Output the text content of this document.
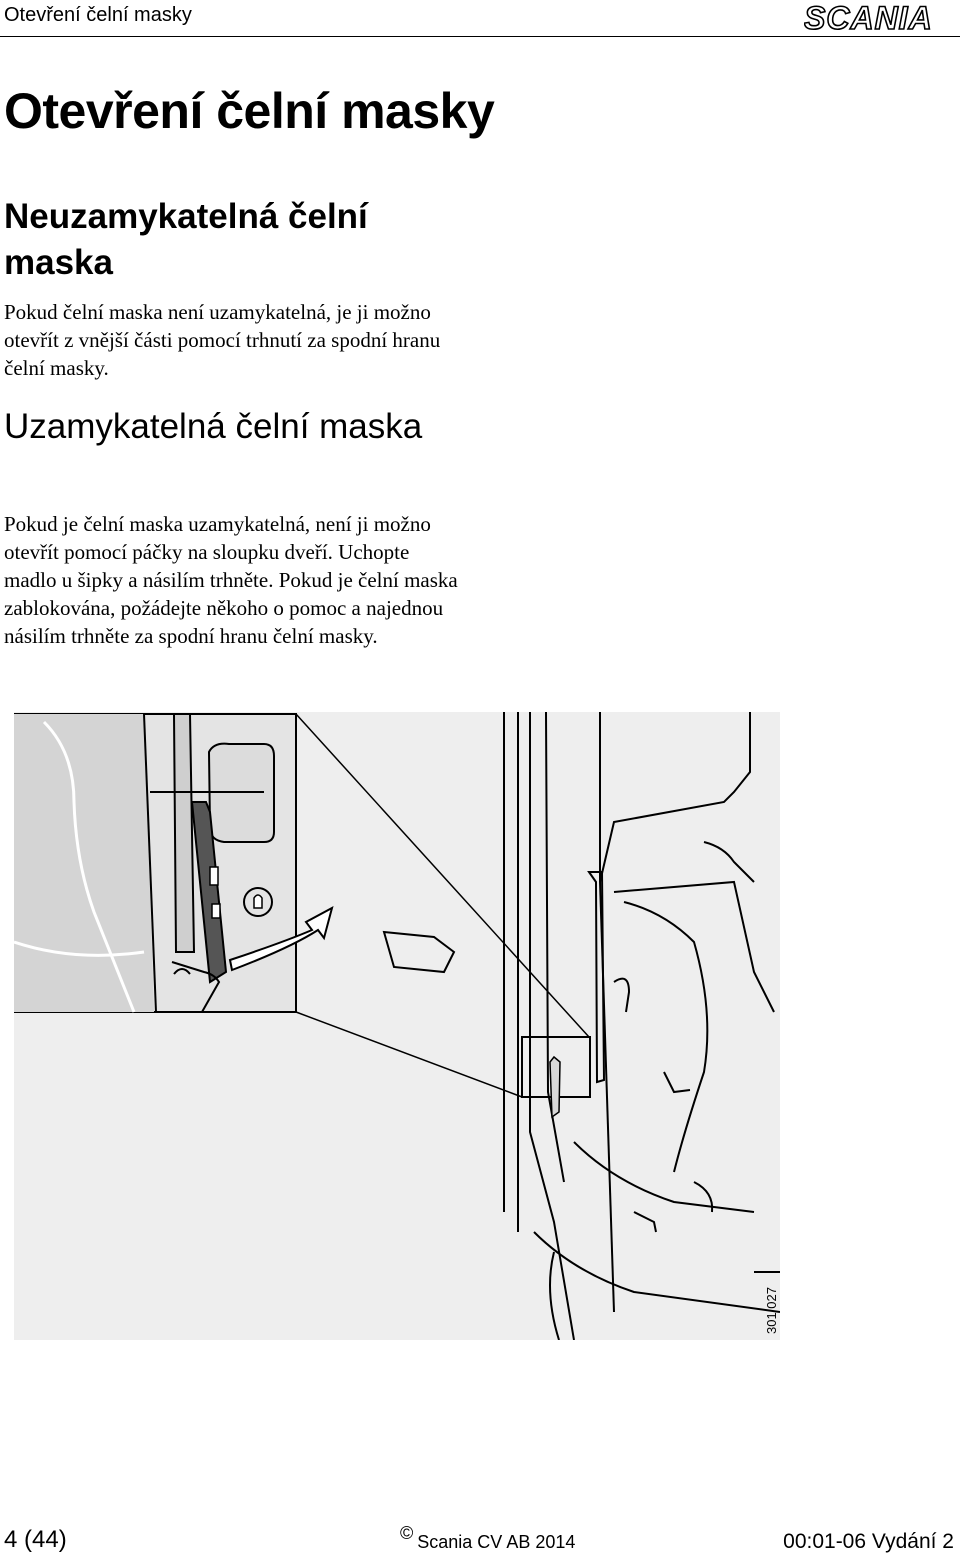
Otevření čelní masky	SCANIA
Otevření čelní masky
Neuzamykatelná čelní maska

Pokud čelní maska není uzamykatelná, je ji možno otevřít z vnější části pomocí trhnutí za spodní hranu čelní masky.

Uzamykatelná čelní maska

Pokud je čelní maska uzamykatelná, není ji možno otevřít pomocí páčky na sloupku dveří. Uchopte madlo u šipky a násilím trhněte. Pokud je čelní maska zablokována, požádejte někoho o pomoc a najednou násilím trhněte za spodní hranu čelní masky.

301 027
4 (44)	© Scania CV AB 2014	00:01-06 Vydání 2
